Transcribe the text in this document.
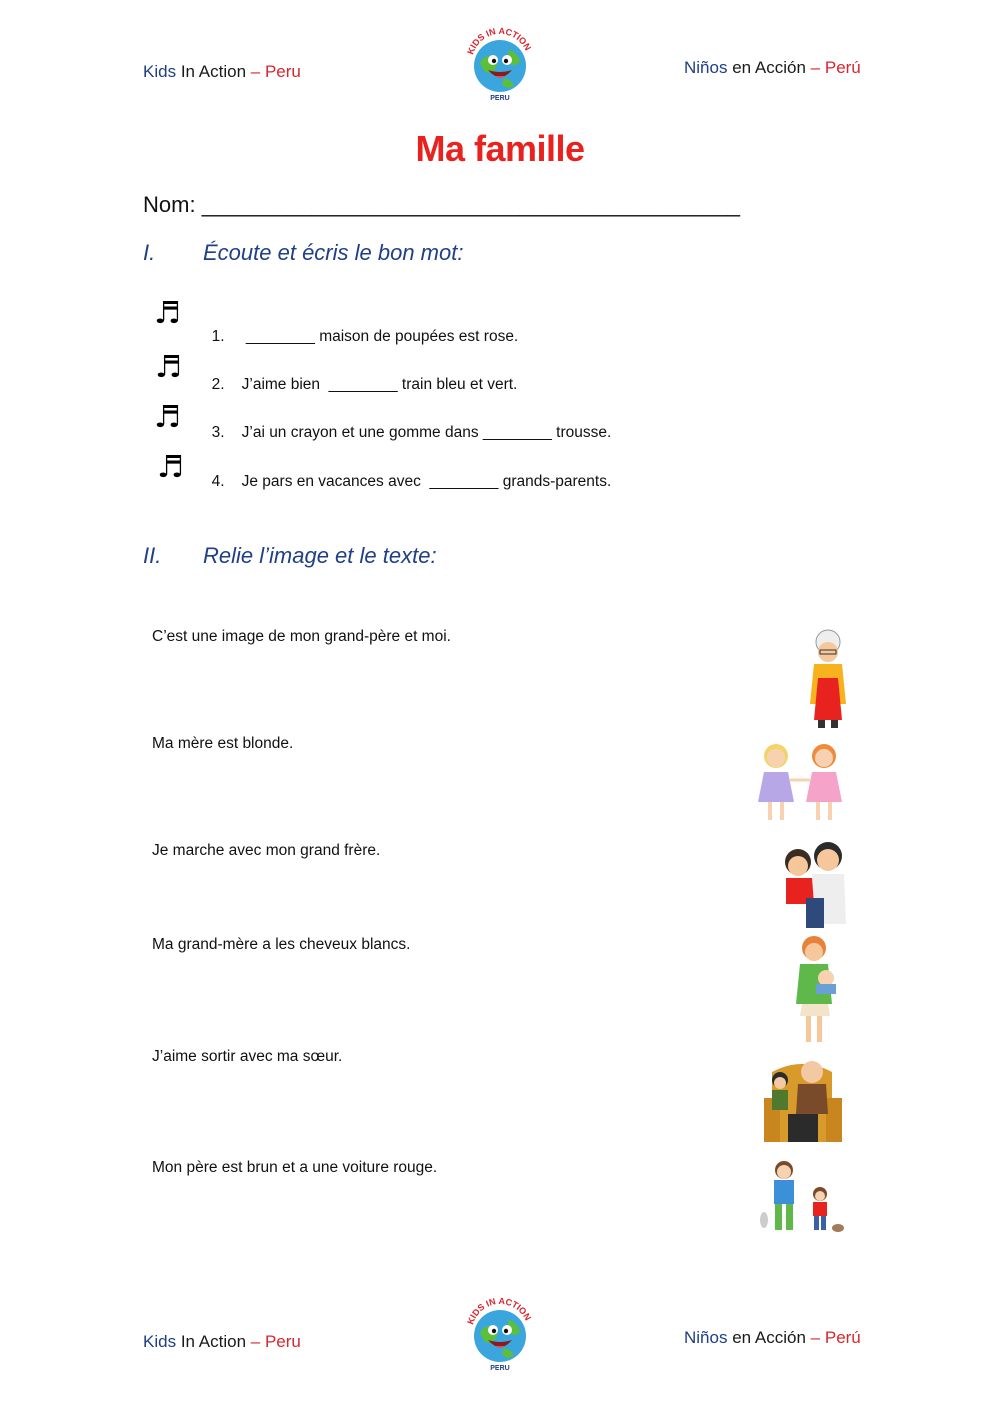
Kids In Action – Peru
KIDS IN ACTION
PERU
Niños en Acción – Perú
Ma famille
Nom: ____________________________________________
I. Écoute et écris le bon mot:
♬

1. ________ maison de poupées est rose.

♬	2. J’aime bien  ________ train bleu et vert.

♬	3. J’ai un crayon et une gomme dans ________ trousse.

♬	4. Je pars en vacances avec  ________ grands-parents.

II. Relie l’image et le texte:
C’est une image de mon grand-père et moi.
Ma mère est blonde.
Je marche avec mon grand frère.
Ma grand-mère a les cheveux blancs.
J’aime sortir avec ma sœur.
Mon père est brun et a une voiture rouge.
Kids In Action – Peru
KIDS IN ACTION
PERU
Niños en Acción – Perú
